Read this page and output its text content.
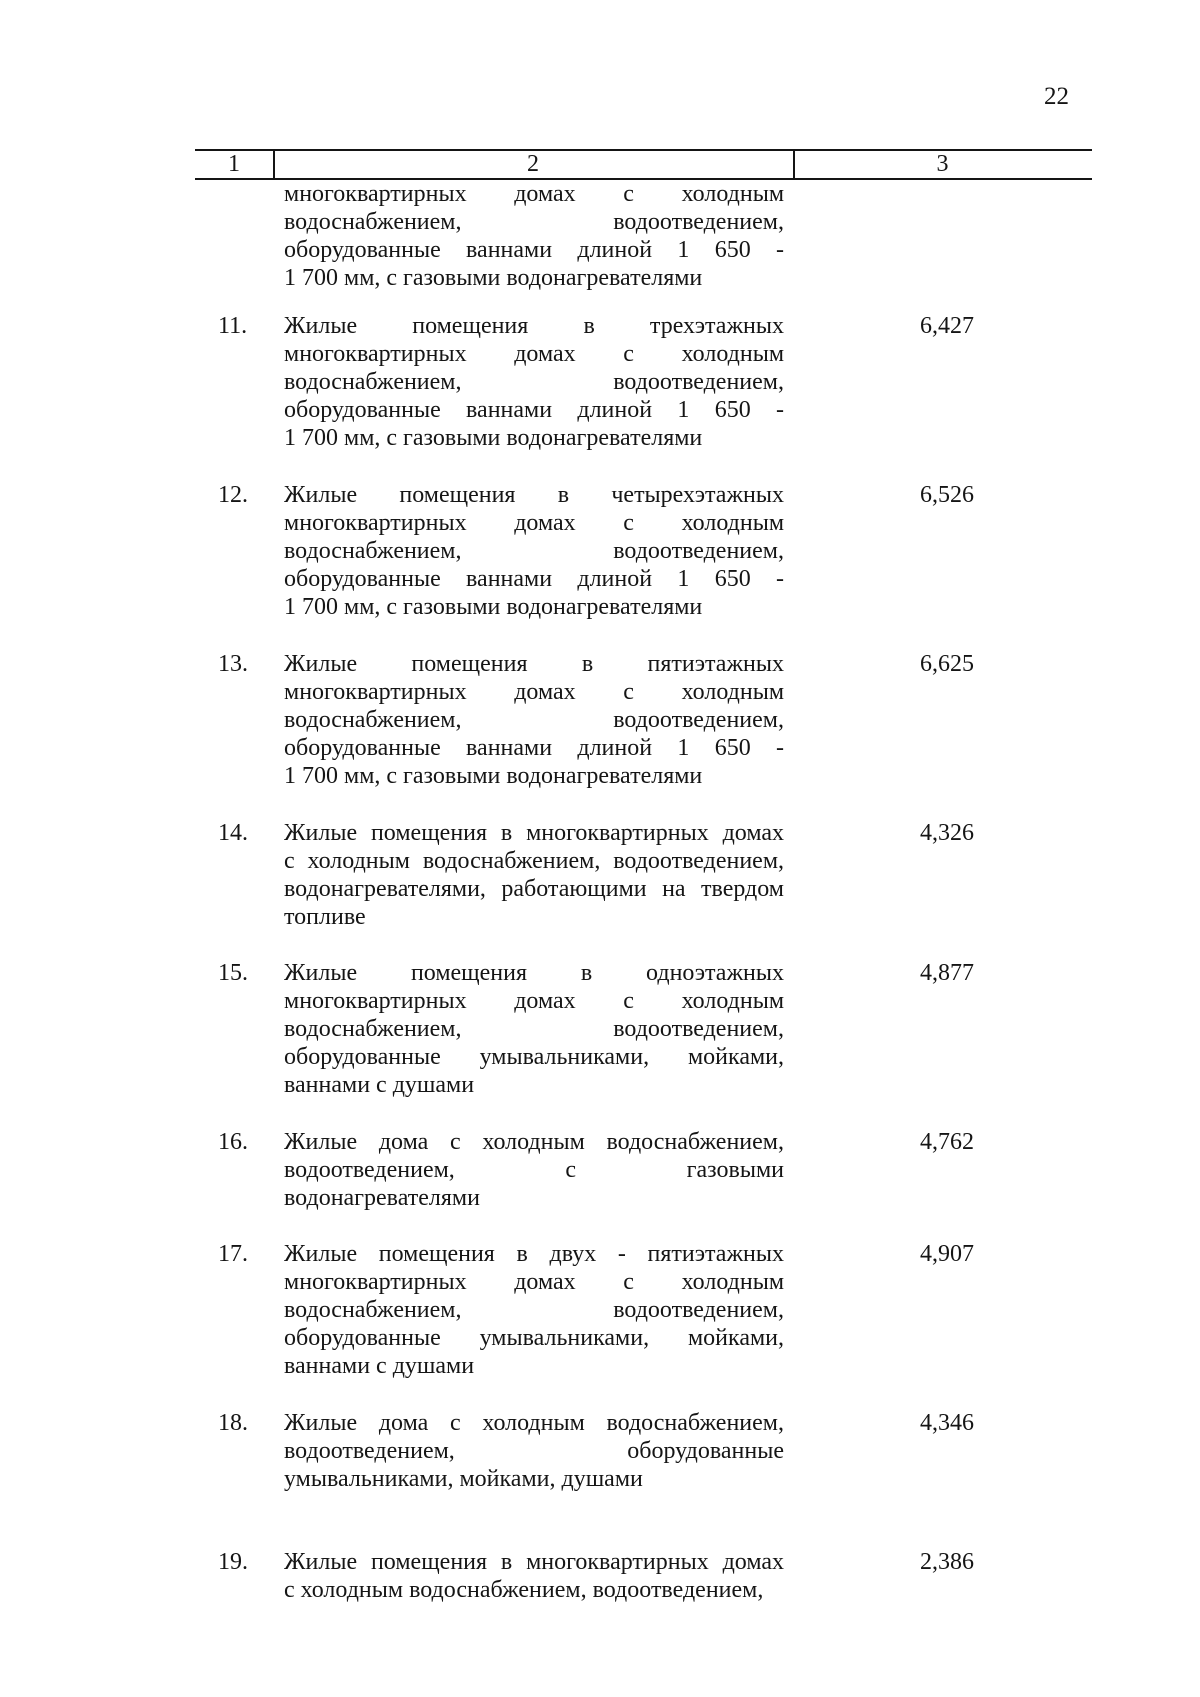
22
1	2	3
многоквартирных домах с холодным
водоснабжением, водоотведением,
оборудованные ваннами длиной 1 650 -
1 700 мм, с газовыми водонагревателями
11. Жилые помещения в трехэтажных
многоквартирных домах с холодным
водоснабжением, водоотведением,
оборудованные ваннами длиной 1 650 -
1 700 мм, с газовыми водонагревателями
6,427
12. Жилые помещения в четырехэтажных
многоквартирных домах с холодным
водоснабжением, водоотведением,
оборудованные ваннами длиной 1 650 -
1 700 мм, с газовыми водонагревателями
6,526
13. Жилые помещения в пятиэтажных
многоквартирных домах с холодным
водоснабжением, водоотведением,
оборудованные ваннами длиной 1 650 -
1 700 мм, с газовыми водонагревателями
6,625
14. Жилые помещения в многоквартирных домах
с холодным водоснабжением, водоотведением,
водонагревателями, работающими на твердом
топливе
4,326
15. Жилые помещения в одноэтажных
многоквартирных домах с холодным
водоснабжением, водоотведением,
оборудованные умывальниками, мойками,
ваннами с душами
4,877
16. Жилые дома с холодным водоснабжением,
водоотведением, с газовыми
водонагревателями
4,762
17. Жилые помещения в двух - пятиэтажных
многоквартирных домах с холодным
водоснабжением, водоотведением,
оборудованные умывальниками, мойками,
ваннами с душами
4,907
18. Жилые дома с холодным водоснабжением,
водоотведением, оборудованные
умывальниками, мойками, душами
4,346
19. Жилые помещения в многоквартирных домах
с холодным водоснабжением, водоотведением,
2,386
